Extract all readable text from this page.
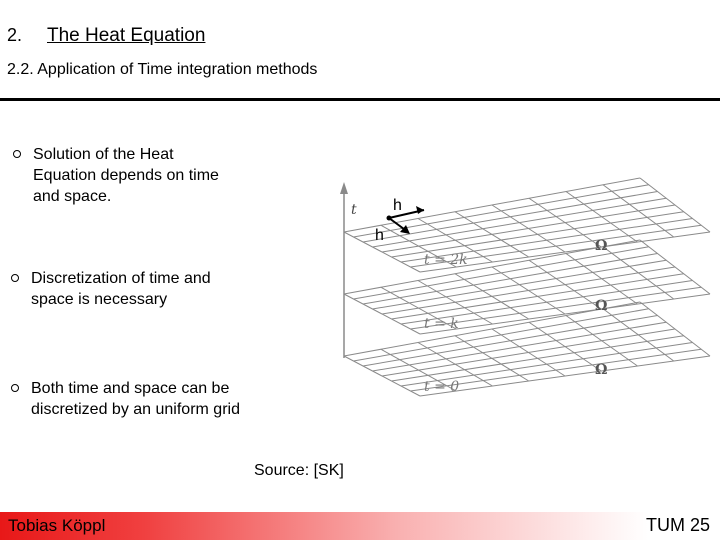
2. The Heat Equation
2.2. Application of Time integration methods
Solution of the Heat Equation depends on time and space.
Discretization of time and space is necessary
Both time and space can be discretized by an uniform grid
t h
h
t = 2k
Ω
t = k
Ω
t = 0
Ω
Source: [SK]
Tobias Köppl	TUM 25
